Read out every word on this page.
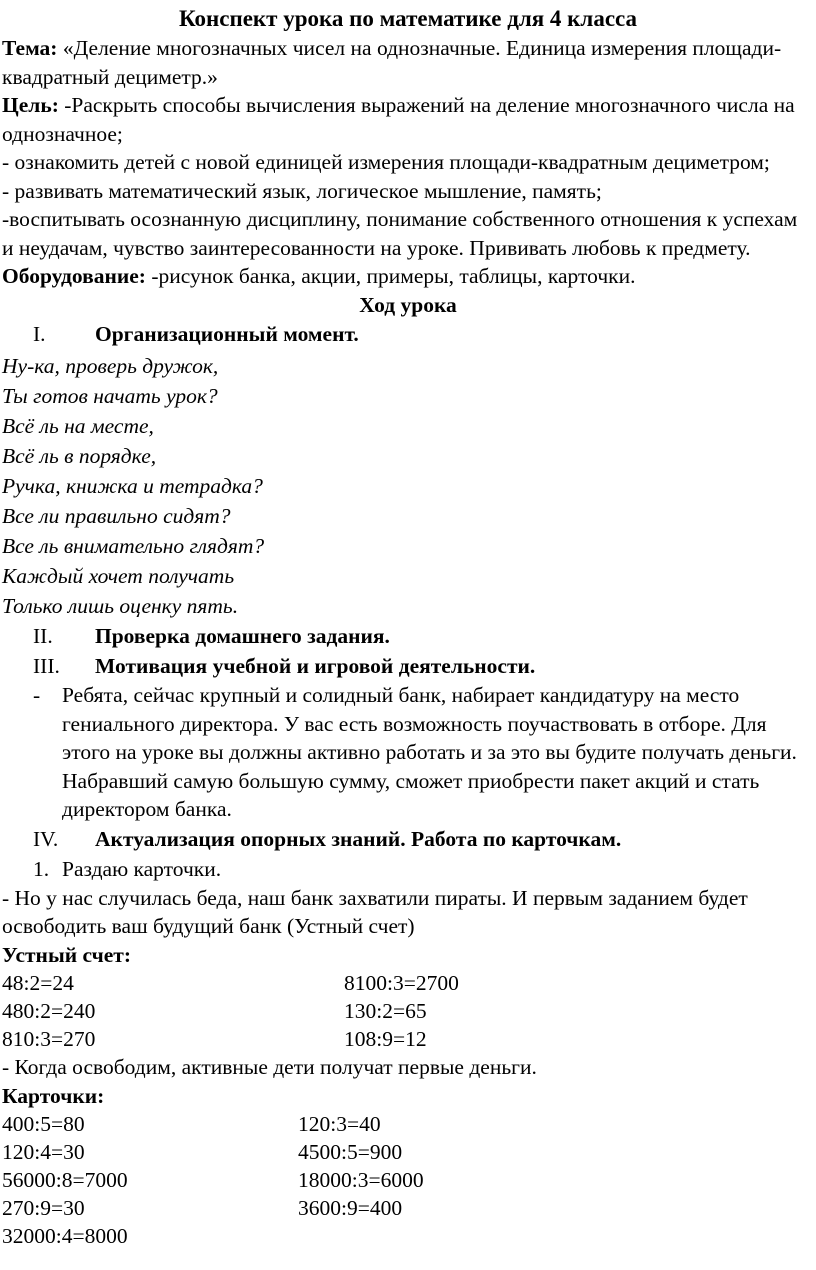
Конспект урока по математике для 4 класса

Тема: «Деление многозначных чисел на однозначные. Единица измерения площади-квадратный дециметр.»

Цель: -Раскрыть способы вычисления выражений на деление многозначного числа на однозначное;

- ознакомить детей с новой единицей измерения площади-квадратным дециметром;

- развивать математический язык, логическое мышление, память;

-воспитывать осознанную дисциплину, понимание собственного отношения к успехам и неудачам, чувство заинтересованности на уроке. Прививать любовь к предмету.

Оборудование: -рисунок банка, акции, примеры, таблицы, карточки.

Ход урока
I.	Организационный момент.
Ну-ка, проверь дружок,
Ты готов начать урок?
Всё ль на месте,
Всё ль в порядке,
Ручка, книжка и тетрадка?
Все ли правильно сидят?
Все ль внимательно глядят?
Каждый хочет получать
Только лишь оценку пять.
II.	Проверка домашнего задания.
III.	Мотивация учебной и игровой деятельности.
-	Ребята, сейчас крупный и солидный банк, набирает кандидатуру на место гениального директора. У вас есть возможность поучаствовать в отборе. Для этого на уроке вы должны активно работать и за это вы будите получать деньги. Набравший самую большую сумму, сможет приобрести пакет акций и стать директором банка.
IV.	Актуализация опорных знаний. Работа по карточкам.
1. Раздаю карточки.

- Но у нас случилась беда, наш банк захватили пираты. И первым заданием будет освободить ваш будущий банк (Устный счет)

Устный счет:

48:2=24	8100:3=2700
480:2=240	130:2=65
810:3=270	108:9=12

- Когда освободим, активные дети получат первые деньги.

Карточки:

400:5=80	120:3=40
120:4=30	4500:5=900
56000:8=7000	18000:3=6000
270:9=30	3600:9=400
32000:4=8000
